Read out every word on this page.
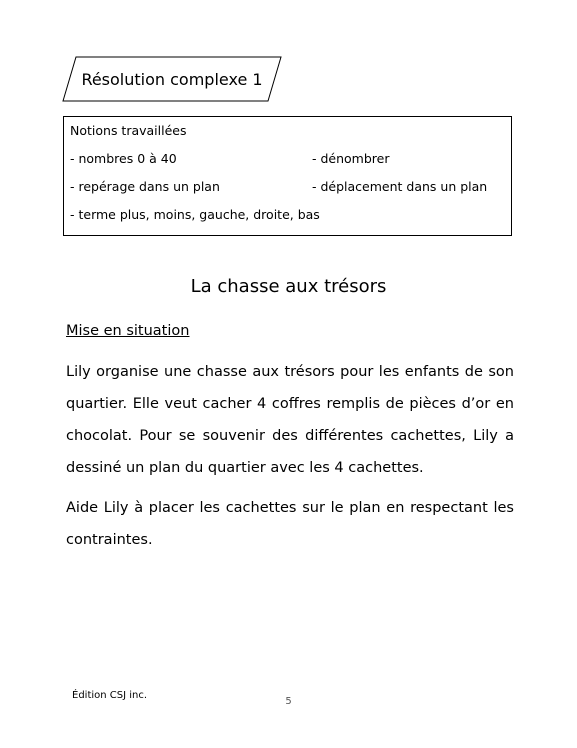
Résolution complexe 1
Notions travaillées
- nombres 0 à 40	- dénombrer
- repérage dans un plan	- déplacement dans un plan
- terme plus, moins, gauche, droite, bas
La chasse aux trésors
Mise en situation

Lily organise une chasse aux trésors pour les enfants de son quartier. Elle veut cacher 4 coffres remplis de pièces d’or en chocolat. Pour se souvenir des différentes cachettes, Lily a dessiné un plan du quartier avec les 4 cachettes.

Aide Lily à placer les cachettes sur le plan en respectant les contraintes.

Édition CSJ inc.
5
